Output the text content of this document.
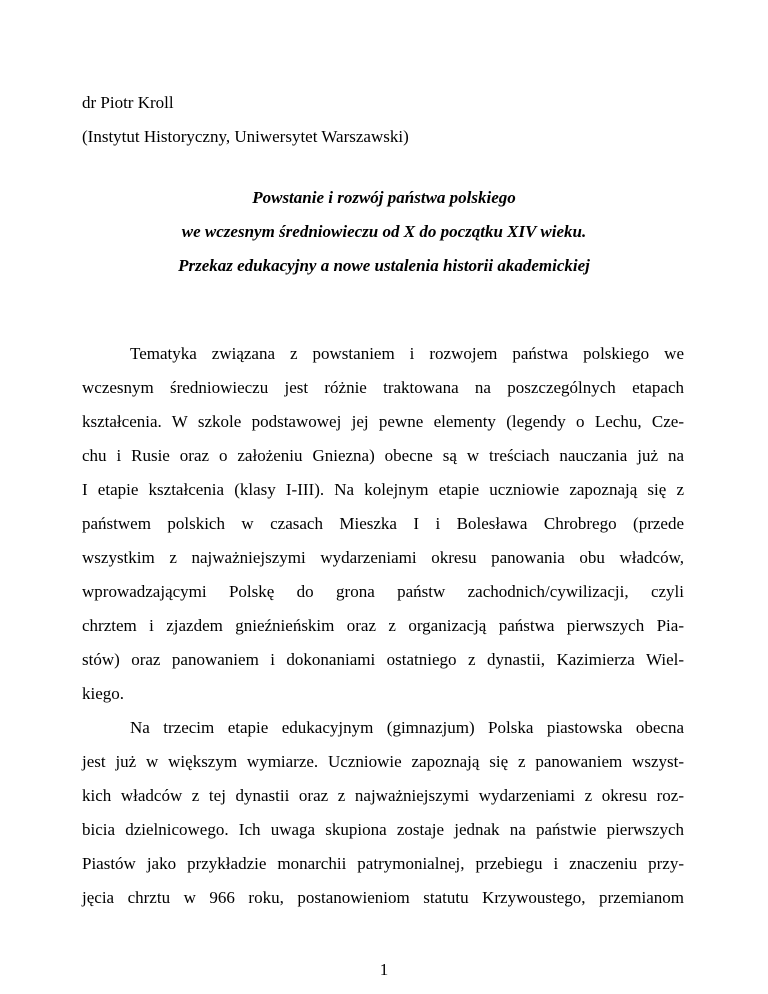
dr Piotr Kroll
(Instytut Historyczny, Uniwersytet Warszawski)
Powstanie i rozwój państwa polskiego
we wczesnym średniowieczu od X do początku XIV wieku.
Przekaz edukacyjny a nowe ustalenia historii akademickiej
Tematyka związana z powstaniem i rozwojem państwa polskiego we
wczesnym średniowieczu jest różnie traktowana na poszczególnych etapach
kształcenia. W szkole podstawowej jej pewne elementy (legendy o Lechu, Cze-
chu i Rusie oraz o założeniu Gniezna) obecne są w treściach nauczania już na
I etapie kształcenia (klasy I-III). Na kolejnym etapie uczniowie zapoznają się z
państwem polskich w czasach Mieszka I i Bolesława Chrobrego (przede
wszystkim z najważniejszymi wydarzeniami okresu panowania obu władców,
wprowadzającymi Polskę do grona państw zachodnich/cywilizacji, czyli
chrztem i zjazdem gnieźnieńskim oraz z organizacją państwa pierwszych Pia-
stów) oraz panowaniem i dokonaniami ostatniego z dynastii, Kazimierza Wiel-
kiego.
Na trzecim etapie edukacyjnym (gimnazjum) Polska piastowska obecna
jest już w większym wymiarze. Uczniowie zapoznają się z panowaniem wszyst-
kich władców z tej dynastii oraz z najważniejszymi wydarzeniami z okresu roz-
bicia dzielnicowego. Ich uwaga skupiona zostaje jednak na państwie pierwszych
Piastów jako przykładzie monarchii patrymonialnej, przebiegu i znaczeniu przy-
jęcia chrztu w 966 roku, postanowieniom statutu Krzywoustego, przemianom
1
